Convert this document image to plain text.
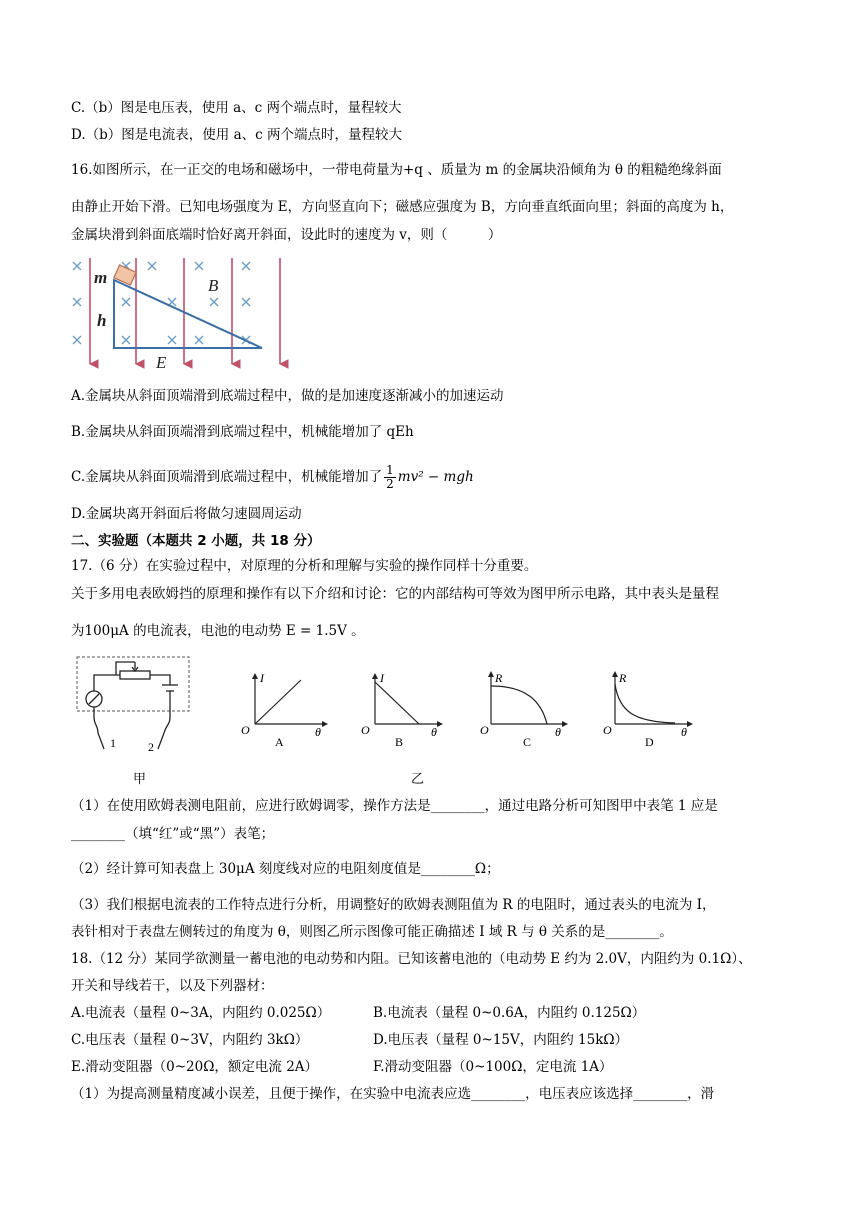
C.（b）图是电压表，使用 a、c 两个端点时，量程较大
D.（b）图是电流表，使用 a、c 两个端点时，量程较大
16.如图所示，在一正交的电场和磁场中，一带电荷量为+q 、质量为 m 的金属块沿倾角为 θ 的粗糙绝缘斜面
由静止开始下滑。已知电场强度为 E，方向竖直向下；磁感应强度为 B，方向垂直纸面向里；斜面的高度为 h，
金属块滑到斜面底端时恰好离开斜面，设此时的速度为 v，则（　　　）
m
h
B
E
A.金属块从斜面顶端滑到底端过程中，做的是加速度逐渐减小的加速运动
B.金属块从斜面顶端滑到底端过程中，机械能增加了 qEh
C.金属块从斜面顶端滑到底端过程中，机械能增加了 $\frac{1}{2} mv^2$ − mgh
D.金属块离开斜面后将做匀速圆周运动
二、实验题（本题共 2 小题，共 18 分）
17.（6 分）在实验过程中，对原理的分析和理解与实验的操作同样十分重要。
关于多用电表欧姆挡的原理和操作有以下介绍和讨论：它的内部结构可等效为图甲所示电路，其中表头是量程
为100μA 的电流表，电池的电动势 E = 1.5V 。
1	2
I
O	θ
I
O	θ
R
O	θ
R
O	θ
A	B	C	D
甲	乙
（1）在使用欧姆表测电阻前，应进行欧姆调零，操作方法是________，通过电路分析可知图甲中表笔 1 应是
________（填“红”或“黑”）表笔；
（2）经计算可知表盘上 30μA 刻度线对应的电阻刻度值是________Ω；
（3）我们根据电流表的工作特点进行分析，用调整好的欧姆表测阻值为 R 的电阻时，通过表头的电流为 I，
表针相对于表盘左侧转过的角度为 θ，则图乙所示图像可能正确描述 I 域 R 与 θ 关系的是________。
18.（12 分）某同学欲测量一蓄电池的电动势和内阻。已知该蓄电池的（电动势 E 约为 2.0V，内阻约为 0.1Ω）、
开关和导线若干，以及下列器材：
A.电流表（量程 0~3A，内阻约 0.025Ω）	B.电流表（量程 0~0.6A，内阻约 0.125Ω）
C.电压表（量程 0~3V，内阻约 3kΩ）	D.电压表（量程 0~15V，内阻约 15kΩ）
E.滑动变阻器（0~20Ω，额定电流 2A）	F.滑动变阻器（0~100Ω，定电流 1A）
（1）为提高测量精度减小误差，且便于操作，在实验中电流表应选________，电压表应该选择________，滑
